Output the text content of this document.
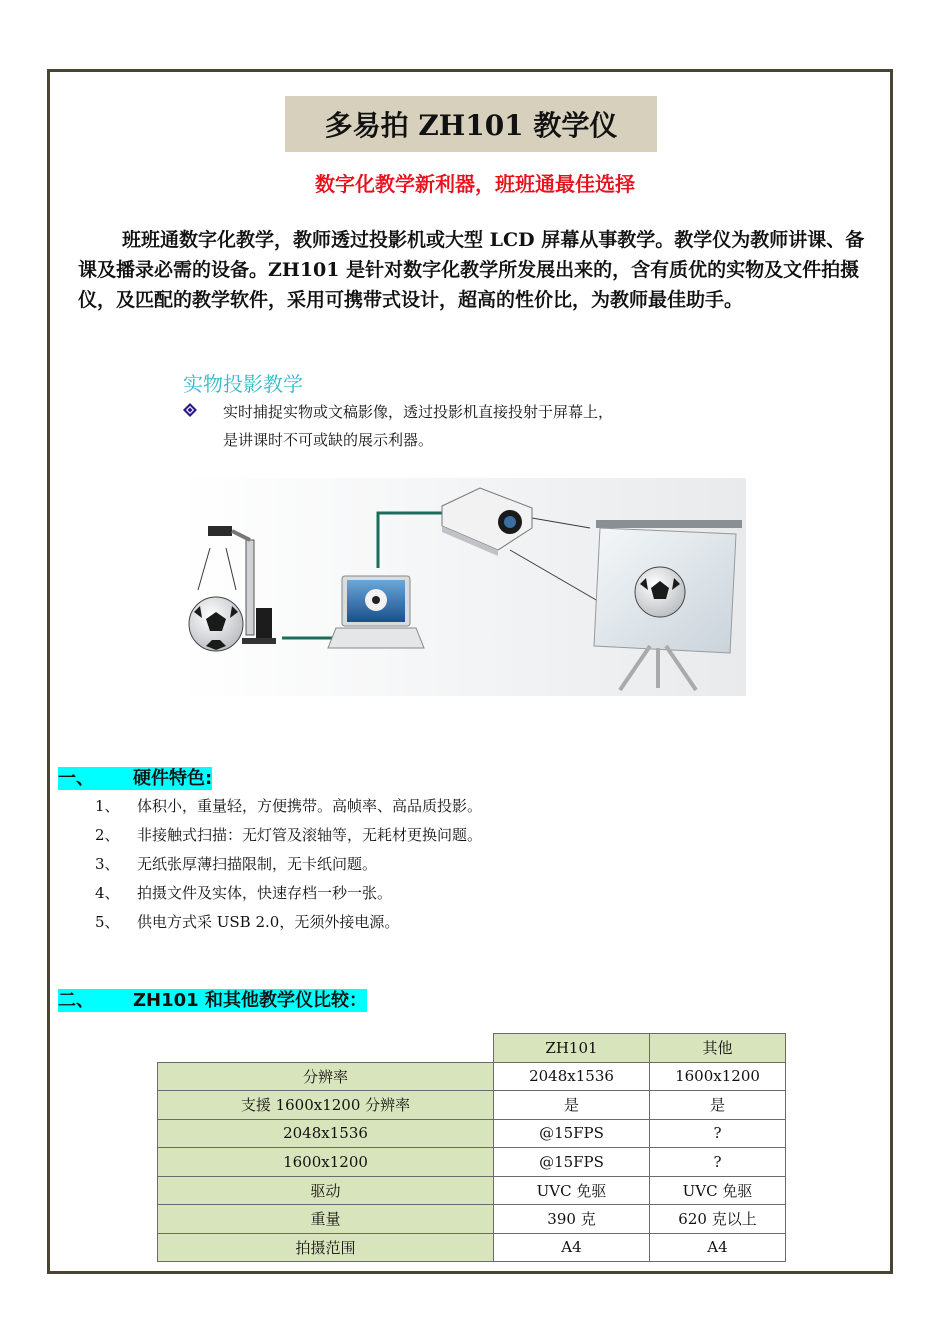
多易拍 ZH101 教学仪
数字化教学新利器，班班通最佳选择
班班通数字化教学，教师透过投影机或大型 LCD 屏幕从事教学。教学仪为教师讲课、备课及播录必需的设备。ZH101 是针对数字化教学所发展出来的，含有质优的实物及文件拍摄仪，及匹配的教学软件，采用可携带式设计，超高的性价比，为教师最佳助手。
实物投影教学
实时捕捉实物或文稿影像，透过投影机直接投射于屏幕上，
是讲课时不可或缺的展示利器。
一、 硬件特色:
1、 体积小，重量轻，方便携带。高帧率、高品质投影。
2、 非接触式扫描：无灯管及滚轴等，无耗材更换问题。
3、 无纸张厚薄扫描限制，无卡纸问题。
4、 拍摄文件及实体，快速存档一秒一张。
5、 供电方式采 USB 2.0，无须外接电源。
二、 ZH101 和其他教学仪比较：
	ZH101	其他
分辨率	2048x1536	1600x1200
支援 1600x1200 分辨率	是	是
2048x1536	@15FPS	?
1600x1200	@15FPS	?
驱动	UVC 免驱	UVC 免驱
重量	390 克	620 克以上
拍摄范围	A4	A4
